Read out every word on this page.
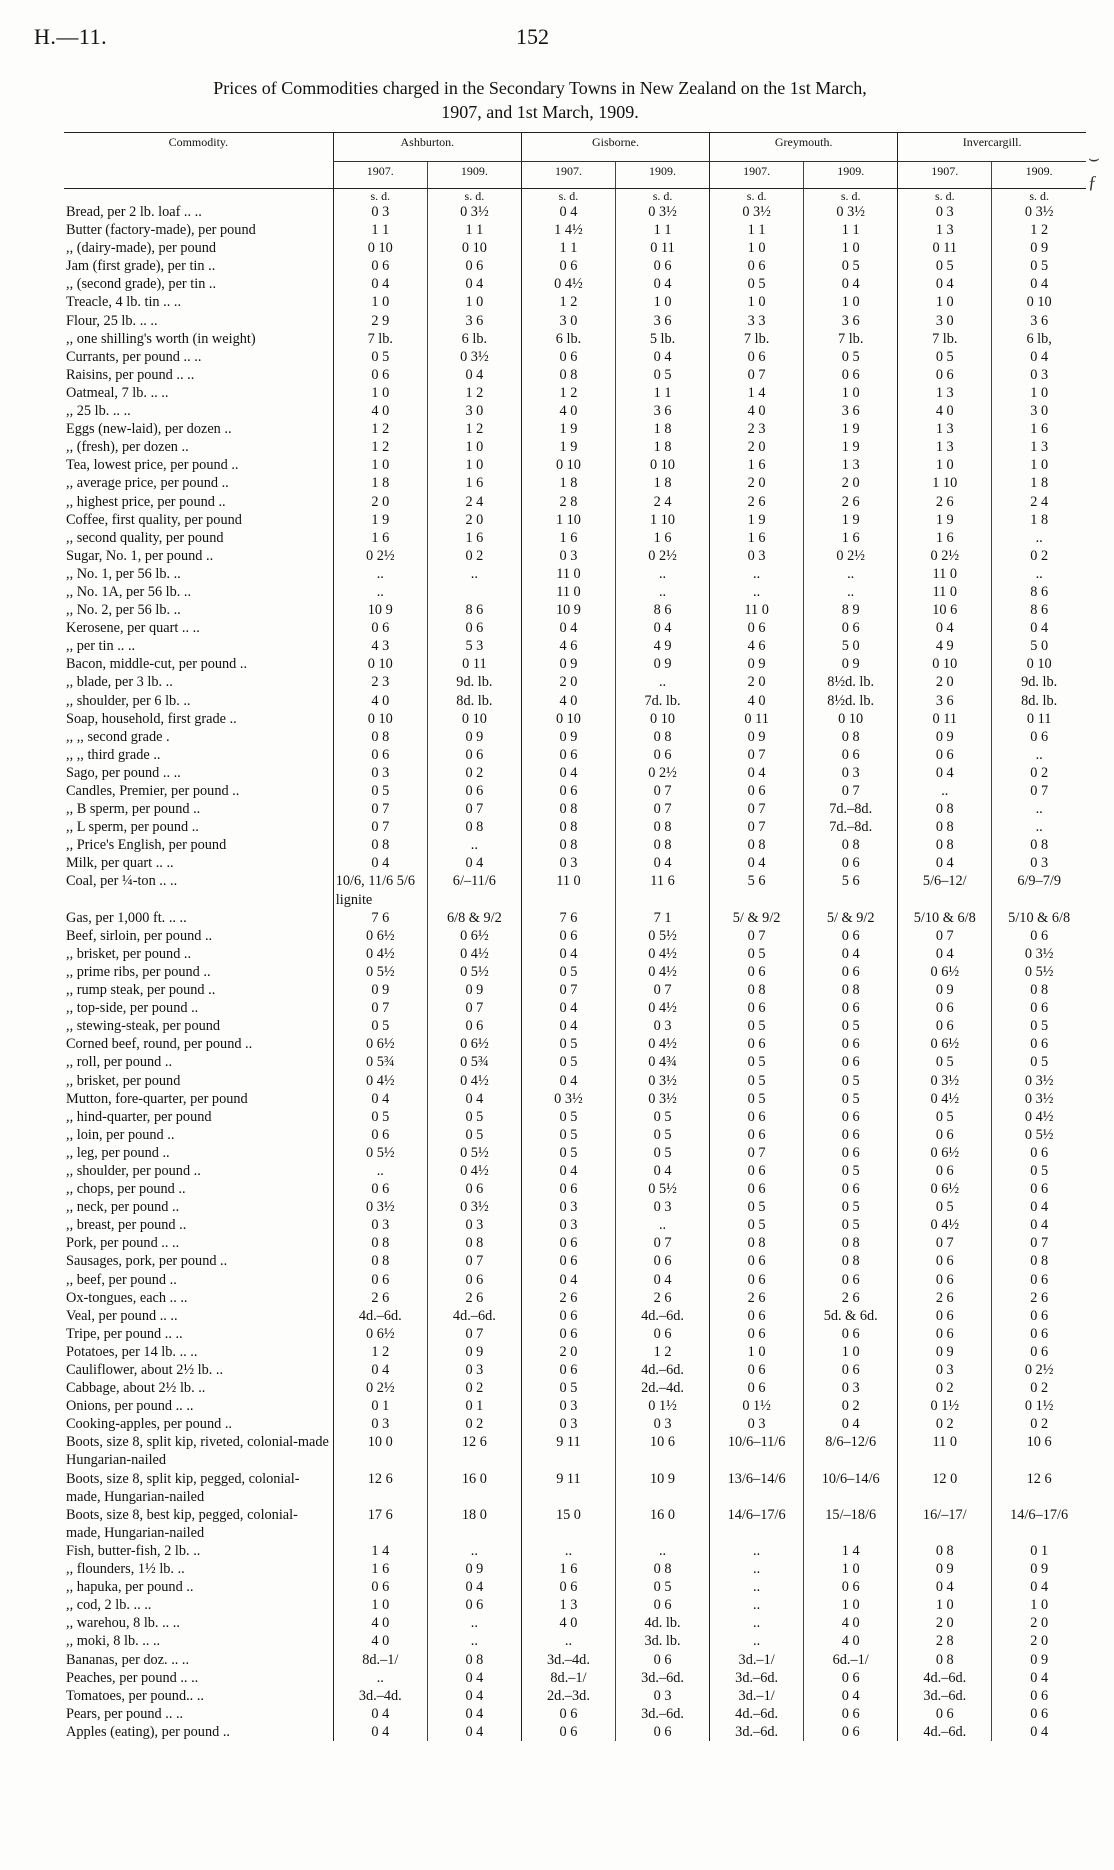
H.—11.	152
⌣
ƒ
Prices of Commodities charged in the Secondary Towns in New Zealand on the 1st March,
1907, and 1st March, 1909.
Commodity.	Ashburton.		Gisborne.		Greymouth.		Invercargill.	
	1907.	1909.	1907.	1909.	1907.	1909.	1907.	1909.
	s. d.	s. d.	s. d.	s. d.	s. d.	s. d.	s. d.	s. d.
Bread, per 2 lb. loaf .. ..	0 3	0 3½	0 4	0 3½	0 3½	0 3½	0 3	0 3½
Butter (factory-made), per pound	1 1	1 1	1 4½	1 1	1 1	1 1	1 3	1 2
,, (dairy-made), per pound	0 10	0 10	1 1	0 11	1 0	1 0	0 11	0 9
Jam (first grade), per tin ..	0 6	0 6	0 6	0 6	0 6	0 5	0 5	0 5
,, (second grade), per tin ..	0 4	0 4	0 4½	0 4	0 5	0 4	0 4	0 4
Treacle, 4 lb. tin .. ..	1 0	1 0	1 2	1 0	1 0	1 0	1 0	0 10
Flour, 25 lb. .. ..	2 9	3 6	3 0	3 6	3 3	3 6	3 0	3 6
,, one shilling's worth (in weight)	7 lb.	6 lb.	6 lb.	5 lb.	7 lb.	7 lb.	7 lb.	6 lb,
Currants, per pound .. ..	0 5	0 3½	0 6	0 4	0 6	0 5	0 5	0 4
Raisins, per pound .. ..	0 6	0 4	0 8	0 5	0 7	0 6	0 6	0 3
Oatmeal, 7 lb. .. ..	1 0	1 2	1 2	1 1	1 4	1 0	1 3	1 0
,, 25 lb. .. ..	4 0	3 0	4 0	3 6	4 0	3 6	4 0	3 0
Eggs (new-laid), per dozen ..	1 2	1 2	1 9	1 8	2 3	1 9	1 3	1 6
,, (fresh), per dozen ..	1 2	1 0	1 9	1 8	2 0	1 9	1 3	1 3
Tea, lowest price, per pound ..	1 0	1 0	0 10	0 10	1 6	1 3	1 0	1 0
,, average price, per pound ..	1 8	1 6	1 8	1 8	2 0	2 0	1 10	1 8
,, highest price, per pound ..	2 0	2 4	2 8	2 4	2 6	2 6	2 6	2 4
Coffee, first quality, per pound	1 9	2 0	1 10	1 10	1 9	1 9	1 9	1 8
,, second quality, per pound	1 6	1 6	1 6	1 6	1 6	1 6	1 6	..
Sugar, No. 1, per pound ..	0 2½	0 2	0 3	0 2½	0 3	0 2½	0 2½	0 2
,, No. 1, per 56 lb. ..	..	..	11 0	..	..	..	11 0	..
,, No. 1A, per 56 lb. ..	..		11 0	..	..	..	11 0	8 6
,, No. 2, per 56 lb. ..	10 9	8 6	10 9	8 6	11 0	8 9	10 6	8 6
Kerosene, per quart .. ..	0 6	0 6	0 4	0 4	0 6	0 6	0 4	0 4
,, per tin .. ..	4 3	5 3	4 6	4 9	4 6	5 0	4 9	5 0
Bacon, middle-cut, per pound ..	0 10	0 11	0 9	0 9	0 9	0 9	0 10	0 10
,, blade, per 3 lb. ..	2 3	9d. lb.	2 0	..	2 0	8½d. lb.	2 0	9d. lb.
,, shoulder, per 6 lb. ..	4 0	8d. lb.	4 0	7d. lb.	4 0	8½d. lb.	3 6	8d. lb.
Soap, household, first grade ..	0 10	0 10	0 10	0 10	0 11	0 10	0 11	0 11
,, ,, second grade .	0 8	0 9	0 9	0 8	0 9	0 8	0 9	0 6
,, ,, third grade ..	0 6	0 6	0 6	0 6	0 7	0 6	0 6	..
Sago, per pound .. ..	0 3	0 2	0 4	0 2½	0 4	0 3	0 4	0 2
Candles, Premier, per pound ..	0 5	0 6	0 6	0 7	0 6	0 7	..	0 7
,, B sperm, per pound ..	0 7	0 7	0 8	0 7	0 7	7d.–8d.	0 8	..
,, L sperm, per pound ..	0 7	0 8	0 8	0 8	0 7	7d.–8d.	0 8	..
,, Price's English, per pound	0 8	..	0 8	0 8	0 8	0 8	0 8	0 8
Milk, per quart .. ..	0 4	0 4	0 3	0 4	0 4	0 6	0 4	0 3
Coal, per ¼-ton .. ..	10/6, 11/6 5/6 lignite	6/–11/6	11 0	11 6	5 6	5 6	5/6–12/	6/9–7/9
Gas, per 1,000 ft. .. ..	7 6	6/8 & 9/2	7 6	7 1	5/ & 9/2	5/ & 9/2	5/10 & 6/8	5/10 & 6/8
Beef, sirloin, per pound ..	0 6½	0 6½	0 6	0 5½	0 7	0 6	0 7	0 6
,, brisket, per pound ..	0 4½	0 4½	0 4	0 4½	0 5	0 4	0 4	0 3½
,, prime ribs, per pound ..	0 5½	0 5½	0 5	0 4½	0 6	0 6	0 6½	0 5½
,, rump steak, per pound ..	0 9	0 9	0 7	0 7	0 8	0 8	0 9	0 8
,, top-side, per pound ..	0 7	0 7	0 4	0 4½	0 6	0 6	0 6	0 6
,, stewing-steak, per pound	0 5	0 6	0 4	0 3	0 5	0 5	0 6	0 5
Corned beef, round, per pound ..	0 6½	0 6½	0 5	0 4½	0 6	0 6	0 6½	0 6
,, roll, per pound ..	0 5¾	0 5¾	0 5	0 4¾	0 5	0 6	0 5	0 5
,, brisket, per pound	0 4½	0 4½	0 4	0 3½	0 5	0 5	0 3½	0 3½
Mutton, fore-quarter, per pound	0 4	0 4	0 3½	0 3½	0 5	0 5	0 4½	0 3½
,, hind-quarter, per pound	0 5	0 5	0 5	0 5	0 6	0 6	0 5	0 4½
,, loin, per pound ..	0 6	0 5	0 5	0 5	0 6	0 6	0 6	0 5½
,, leg, per pound ..	0 5½	0 5½	0 5	0 5	0 7	0 6	0 6½	0 6
,, shoulder, per pound ..	..	0 4½	0 4	0 4	0 6	0 5	0 6	0 5
,, chops, per pound ..	0 6	0 6	0 6	0 5½	0 6	0 6	0 6½	0 6
,, neck, per pound ..	0 3½	0 3½	0 3	0 3	0 5	0 5	0 5	0 4
,, breast, per pound ..	0 3	0 3	0 3	..	0 5	0 5	0 4½	0 4
Pork, per pound .. ..	0 8	0 8	0 6	0 7	0 8	0 8	0 7	0 7
Sausages, pork, per pound ..	0 8	0 7	0 6	0 6	0 6	0 8	0 6	0 8
,, beef, per pound ..	0 6	0 6	0 4	0 4	0 6	0 6	0 6	0 6
Ox-tongues, each .. ..	2 6	2 6	2 6	2 6	2 6	2 6	2 6	2 6
Veal, per pound .. ..	4d.–6d.	4d.–6d.	0 6	4d.–6d.	0 6	5d. & 6d.	0 6	0 6
Tripe, per pound .. ..	0 6½	0 7	0 6	0 6	0 6	0 6	0 6	0 6
Potatoes, per 14 lb. .. ..	1 2	0 9	2 0	1 2	1 0	1 0	0 9	0 6
Cauliflower, about 2½ lb. ..	0 4	0 3	0 6	4d.–6d.	0 6	0 6	0 3	0 2½
Cabbage, about 2½ lb. ..	0 2½	0 2	0 5	2d.–4d.	0 6	0 3	0 2	0 2
Onions, per pound .. ..	0 1	0 1	0 3	0 1½	0 1½	0 2	0 1½	0 1½
Cooking-apples, per pound ..	0 3	0 2	0 3	0 3	0 3	0 4	0 2	0 2
Boots, size 8, split kip, riveted, colonial-made Hungarian-nailed	10 0	12 6	9 11	10 6	10/6–11/6	8/6–12/6	11 0	10 6
Boots, size 8, split kip, pegged, colonial-made, Hungarian-nailed	12 6	16 0	9 11	10 9	13/6–14/6	10/6–14/6	12 0	12 6
Boots, size 8, best kip, pegged, colonial-made, Hungarian-nailed	17 6	18 0	15 0	16 0	14/6–17/6	15/–18/6	16/–17/	14/6–17/6
Fish, butter-fish, 2 lb. ..	1 4	..	..	..	..	1 4	0 8	0 1
,, flounders, 1½ lb. ..	1 6	0 9	1 6	0 8	..	1 0	0 9	0 9
,, hapuka, per pound ..	0 6	0 4	0 6	0 5	..	0 6	0 4	0 4
,, cod, 2 lb. .. ..	1 0	0 6	1 3	0 6	..	1 0	1 0	1 0
,, warehou, 8 lb. .. ..	4 0	..	4 0	4d. lb.	..	4 0	2 0	2 0
,, moki, 8 lb. .. ..	4 0	..	..	3d. lb.	..	4 0	2 8	2 0
Bananas, per doz. .. ..	8d.–1/	0 8	3d.–4d.	0 6	3d.–1/	6d.–1/	0 8	0 9
Peaches, per pound .. ..	..	0 4	8d.–1/	3d.–6d.	3d.–6d.	0 6	4d.–6d.	0 4
Tomatoes, per pound.. ..	3d.–4d.	0 4	2d.–3d.	0 3	3d.–1/	0 4	3d.–6d.	0 6
Pears, per pound .. ..	0 4	0 4	0 6	3d.–6d.	4d.–6d.	0 6	0 6	0 6
Apples (eating), per pound ..	0 4	0 4	0 6	0 6	3d.–6d.	0 6	4d.–6d.	0 4
